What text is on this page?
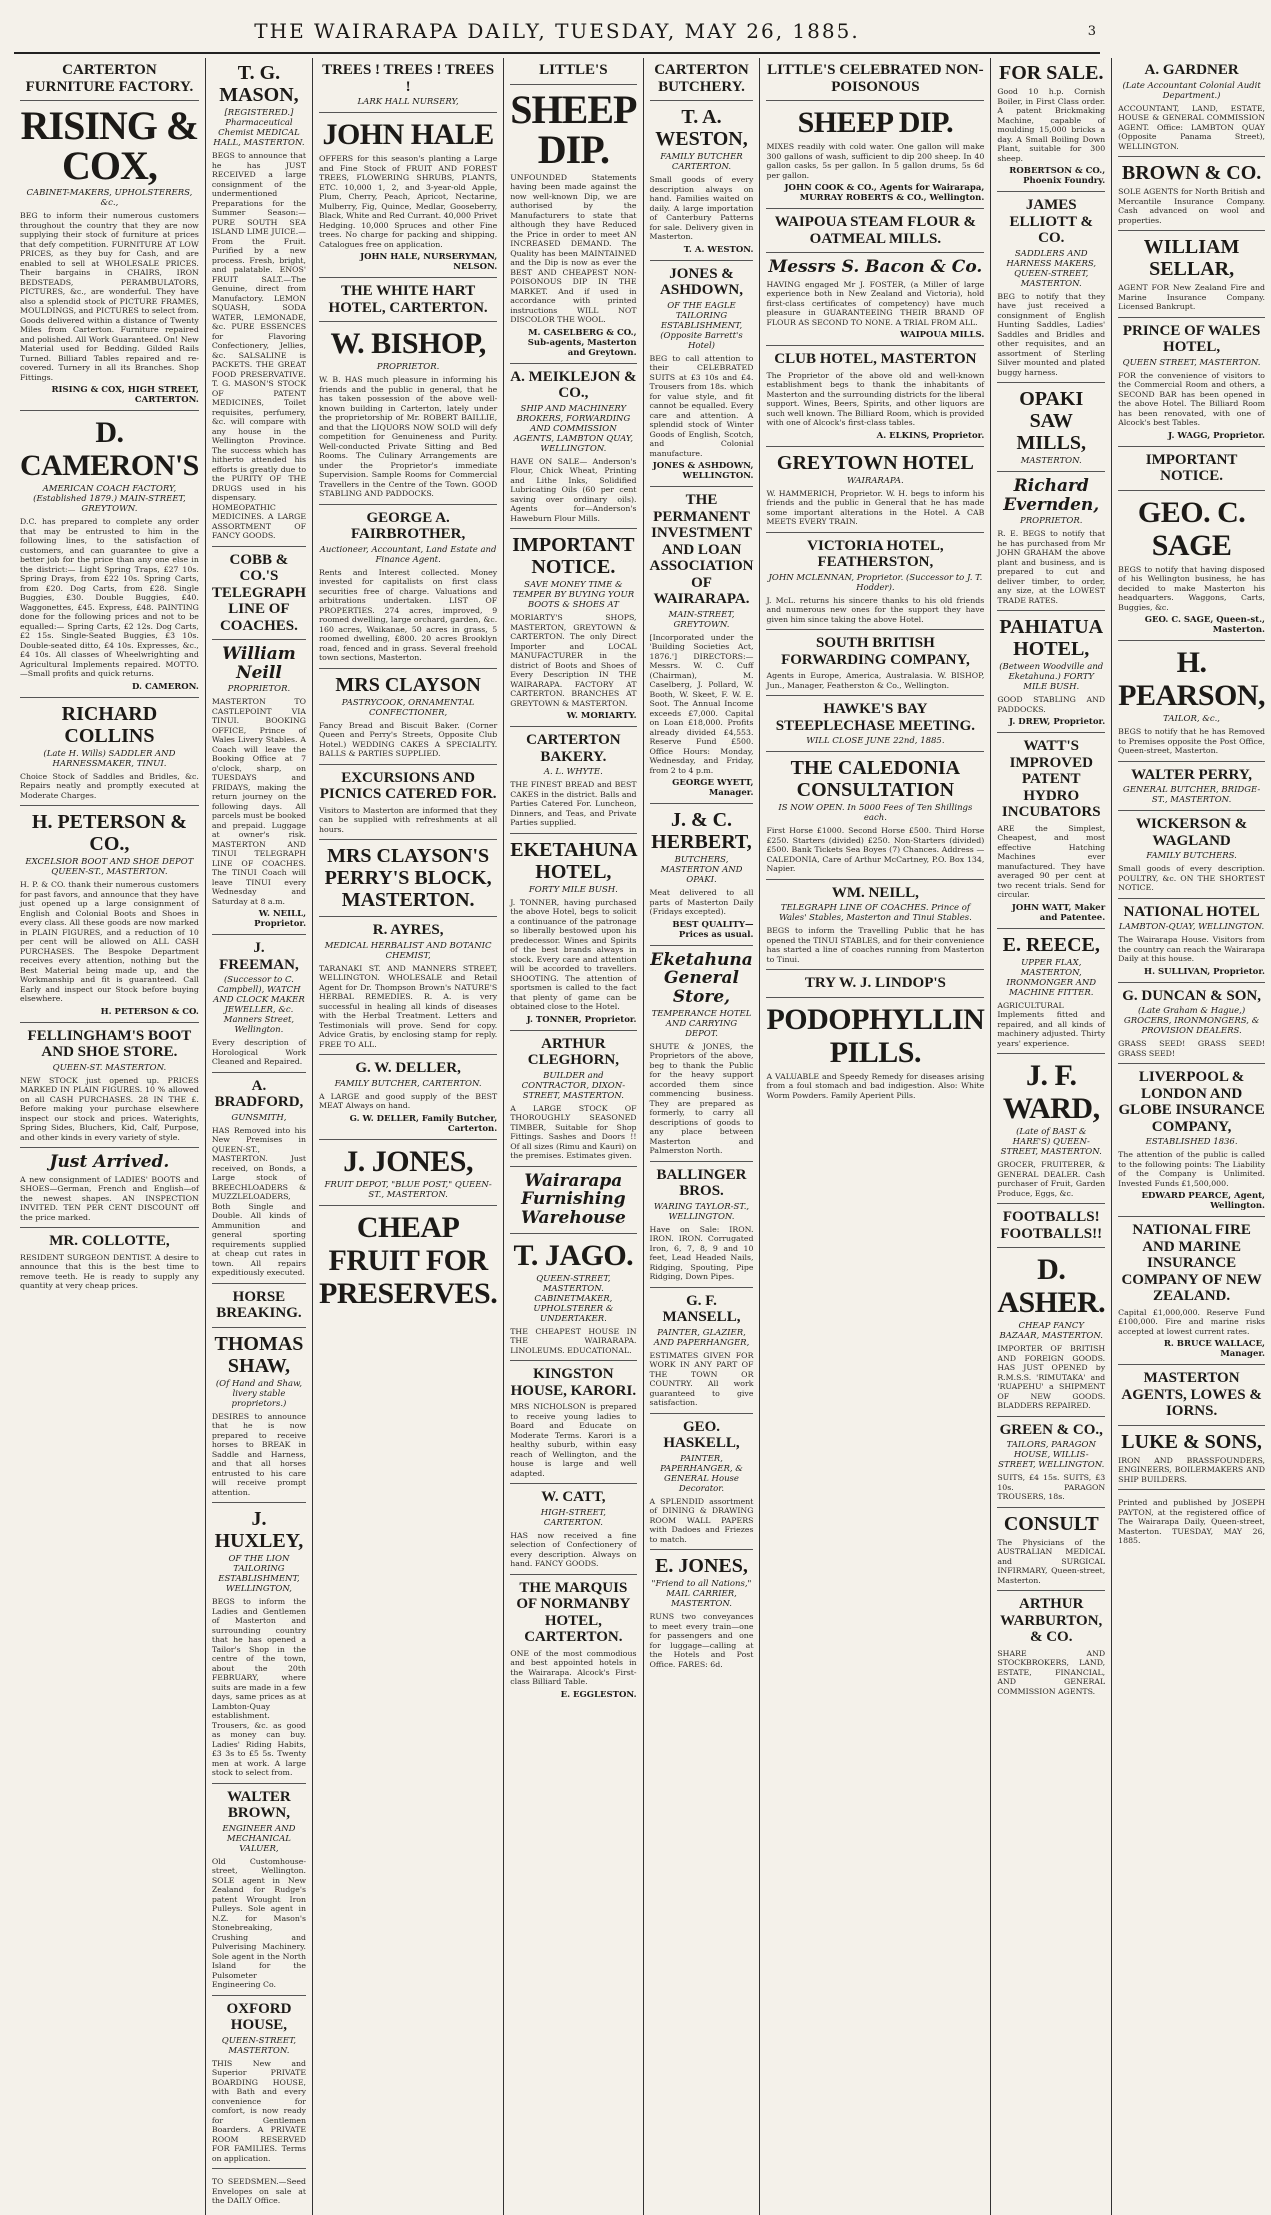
THE WAIRARAPA DAILY, TUESDAY, MAY 26, 1885.	3
CARTERTON FURNITURE FACTORY.
RISING & COX,
CABINET-MAKERS, UPHOLSTERERS, &c.,
BEG to inform their numerous customers throughout the country that they are now supplying their stock of furniture at prices that defy competition. FURNITURE AT LOW PRICES, as they buy for Cash, and are enabled to sell at WHOLESALE PRICES. Their bargains in CHAIRS, IRON BEDSTEADS, PERAMBULATORS, PICTURES, &c., are wonderful. They have also a splendid stock of PICTURE FRAMES, MOULDINGS, and PICTURES to select from. Goods delivered within a distance of Twenty Miles from Carterton. Furniture repaired and polished. All Work Guaranteed. On! New Material used for Bedding. Gilded Rails Turned. Billiard Tables repaired and re-covered. Turnery in all its Branches. Shop Fittings.
RISING & COX, HIGH STREET, CARTERTON.
D. CAMERON'S
AMERICAN COACH FACTORY, (Established 1879.) MAIN-STREET, GREYTOWN.
D.C. has prepared to complete any order that may be entrusted to him in the following lines, to the satisfaction of customers, and can guarantee to give a better job for the price than any one else in the district:— Light Spring Traps, £27 10s. Spring Drays, from £22 10s. Spring Carts, from £20. Dog Carts, from £28. Single Buggies, £30. Double Buggies, £40. Waggonettes, £45. Express, £48. PAINTING done for the following prices and not to be equalled:— Spring Carts, £2 12s. Dog Carts, £2 15s. Single-Seated Buggies, £3 10s. Double-seated ditto, £4 10s. Expresses, &c., £4 10s. All classes of Wheelwrighting and Agricultural Implements repaired. MOTTO.—Small profits and quick returns.
D. CAMERON.
RICHARD COLLINS
(Late H. Wills) SADDLER AND HARNESSMAKER, TINUI.
Choice Stock of Saddles and Bridles, &c. Repairs neatly and promptly executed at Moderate Charges.
H. PETERSON & CO.,
EXCELSIOR BOOT AND SHOE DEPOT QUEEN-ST., MASTERTON.
H. P. & CO. thank their numerous customers for past favors, and announce that they have just opened up a large consignment of English and Colonial Boots and Shoes in every class. All these goods are now marked in PLAIN FIGURES, and a reduction of 10 per cent will be allowed on ALL CASH PURCHASES. The Bespoke Department receives every attention, nothing but the Best Material being made up, and the Workmanship and fit is guaranteed. Call Early and inspect our Stock before buying elsewhere.
H. PETERSON & CO.
FELLINGHAM'S BOOT AND SHOE STORE.
QUEEN-ST. MASTERTON.
NEW STOCK just opened up. PRICES MARKED IN PLAIN FIGURES. 10 % allowed on all CASH PURCHASES. 28 IN THE £. Before making your purchase elsewhere inspect our stock and prices. Waterights, Spring Sides, Bluchers, Kid, Calf, Purpose, and other kinds in every variety of style.
Just Arrived.
A new consignment of LADIES' BOOTS and SHOES—German, French and English—of the newest shapes. AN INSPECTION INVITED. TEN PER CENT DISCOUNT off the price marked.
MR. COLLOTTE,
RESIDENT SURGEON DENTIST. A desire to announce that this is the best time to remove teeth. He is ready to supply any quantity at very cheap prices.
T. G. MASON,
[REGISTERED.] Pharmaceutical Chemist MEDICAL HALL, MASTERTON.
BEGS to announce that he has JUST RECEIVED a large consignment of the undermentioned Preparations for the Summer Season:— PURE SOUTH SEA ISLAND LIME JUICE.—From the Fruit. Purified by a new process. Fresh, bright, and palatable. ENOS' FRUIT SALT.—The Genuine, direct from Manufactory. LEMON SQUASH, SODA WATER, LEMONADE, &c. PURE ESSENCES for Flavoring Confectionery, Jellies, &c. SALSALINE is PACKETS. THE GREAT FOOD PRESERVATIVE. T. G. MASON'S STOCK OF PATENT MEDICINES, Toilet requisites, perfumery, &c. will compare with any house in the Wellington Province. The success which has hitherto attended his efforts is greatly due to the PURITY OF THE DRUGS used in his dispensary. HOMEOPATHIC MEDICINES. A LARGE ASSORTMENT OF FANCY GOODS.
COBB & CO.'S TELEGRAPH LINE OF COACHES.
William Neill
PROPRIETOR.
MASTERTON TO CASTLEPOINT VIA TINUI. BOOKING OFFICE, Prince of Wales Livery Stables. A Coach will leave the Booking Office at 7 o'clock, sharp, on TUESDAYS and FRIDAYS, making the return journey on the following days. All parcels must be booked and prepaid. Luggage at owner's risk. MASTERTON AND TINUI TELEGRAPH LINE OF COACHES. The TINUI Coach will leave TINUI every Wednesday and Saturday at 8 a.m.
W. NEILL, Proprietor.
J. FREEMAN,
(Successor to C. Campbell), WATCH AND CLOCK MAKER JEWELLER, &c. Manners Street, Wellington.
Every description of Horological Work Cleaned and Repaired.
A. BRADFORD,
GUNSMITH,
HAS Removed into his New Premises in QUEEN-ST., MASTERTON. Just received, on Bonds, a Large stock of BREECHLOADERS & MUZZLELOADERS, Both Single and Double. All kinds of Ammunition and general sporting requirements supplied at cheap cut rates in town. All repairs expeditiously executed.
HORSE BREAKING.
THOMAS SHAW,
(Of Hand and Shaw, livery stable proprietors.)
DESIRES to announce that he is now prepared to receive horses to BREAK in Saddle and Harness, and that all horses entrusted to his care will receive prompt attention.
J. HUXLEY,
OF THE LION TAILORING ESTABLISHMENT, WELLINGTON,
BEGS to inform the Ladies and Gentlemen of Masterton and surrounding country that he has opened a Tailor's Shop in the centre of the town, about the 20th FEBRUARY, where suits are made in a few days, same prices as at Lambton-Quay establishment. Trousers, &c. as good as money can buy. Ladies' Riding Habits, £3 3s to £5 5s. Twenty men at work. A large stock to select from.
WALTER BROWN,
ENGINEER AND MECHANICAL VALUER,
Old Customhouse-street, Wellington. SOLE agent in New Zealand for Rudge's patent Wrought Iron Pulleys. Sole agent in N.Z. for Mason's Stonebreaking, Crushing and Pulverising Machinery. Sole agent in the North Island for the Pulsometer Engineering Co.
OXFORD HOUSE,
QUEEN-STREET, MASTERTON.
THIS New and Superior PRIVATE BOARDING HOUSE, with Bath and every convenience for comfort, is now ready for Gentlemen Boarders. A PRIVATE ROOM RESERVED FOR FAMILIES. Terms on application.
TO SEEDSMEN.—Seed Envelopes on sale at the DAILY Office.
TREES ! TREES ! TREES !
LARK HALL NURSERY,
JOHN HALE
OFFERS for this season's planting a Large and Fine Stock of FRUIT AND FOREST TREES, FLOWERING SHRUBS, PLANTS, ETC. 10,000 1, 2, and 3-year-old Apple, Plum, Cherry, Peach, Apricot, Nectarine, Mulberry, Fig, Quince, Medlar, Gooseberry, Black, White and Red Currant. 40,000 Privet Hedging. 10,000 Spruces and other Fine trees. No charge for packing and shipping. Catalogues free on application.
JOHN HALE, NURSERYMAN, NELSON.
THE WHITE HART HOTEL, CARTERTON.
W. BISHOP,
PROPRIETOR.
W. B. HAS much pleasure in informing his friends and the public in general, that he has taken possession of the above well-known building in Carterton, lately under the proprietorship of Mr. ROBERT BAILLIE, and that the LIQUORS NOW SOLD will defy competition for Genuineness and Purity. Well-conducted Private Sitting and Bed Rooms. The Culinary Arrangements are under the Proprietor's immediate Supervision. Sample Rooms for Commercial Travellers in the Centre of the Town. GOOD STABLING AND PADDOCKS.
GEORGE A. FAIRBROTHER,
Auctioneer, Accountant, Land Estate and Finance Agent.
Rents and Interest collected. Money invested for capitalists on first class securities free of charge. Valuations and arbitrations undertaken. LIST OF PROPERTIES. 274 acres, improved, 9 roomed dwelling, large orchard, garden, &c. 160 acres, Waikanae, 50 acres in grass, 5 roomed dwelling, £800. 20 acres Brooklyn road, fenced and in grass. Several freehold town sections, Masterton.
MRS CLAYSON
PASTRYCOOK, ORNAMENTAL CONFECTIONER,
Fancy Bread and Biscuit Baker. (Corner Queen and Perry's Streets, Opposite Club Hotel.) WEDDING CAKES A SPECIALITY. BALLS & PARTIES SUPPLIED.
EXCURSIONS AND PICNICS CATERED FOR.
Visitors to Masterton are informed that they can be supplied with refreshments at all hours.
MRS CLAYSON'S PERRY'S BLOCK, MASTERTON.
R. AYRES,
MEDICAL HERBALIST AND BOTANIC CHEMIST,
TARANAKI ST. AND MANNERS STREET, WELLINGTON. WHOLESALE and Retail Agent for Dr. Thompson Brown's NATURE'S HERBAL REMEDIES. R. A. is very successful in healing all kinds of diseases with the Herbal Treatment. Letters and Testimonials will prove. Send for copy. Advice Gratis, by enclosing stamp for reply. FREE TO ALL.
G. W. DELLER,
FAMILY BUTCHER, CARTERTON.
A LARGE and good supply of the BEST MEAT Always on hand.
G. W. DELLER, Family Butcher, Carterton.
J. JONES,
FRUIT DEPOT, "BLUE POST," QUEEN-ST., MASTERTON.
CHEAP FRUIT FOR PRESERVES.
LITTLE'S
SHEEP DIP.
UNFOUNDED Statements having been made against the now well-known Dip, we are authorised by the Manufacturers to state that although they have Reduced the Price in order to meet AN INCREASED DEMAND. The Quality has been MAINTAINED and the Dip is now as ever the BEST AND CHEAPEST NON-POISONOUS DIP IN THE MARKET. And if used in accordance with printed instructions WILL NOT DISCOLOR THE WOOL.
M. CASELBERG & CO., Sub-agents, Masterton and Greytown.
A. MEIKLEJON & CO.,
SHIP AND MACHINERY BROKERS, FORWARDING AND COMMISSION AGENTS, LAMBTON QUAY, WELLINGTON.
HAVE ON SALE— Anderson's Flour, Chick Wheat, Printing and Lithe Inks, Solidified Lubricating Oils (60 per cent saving over ordinary oils). Agents for—Anderson's Haweburn Flour Mills.
IMPORTANT NOTICE.
SAVE MONEY TIME & TEMPER BY BUYING YOUR BOOTS & SHOES AT
MORIARTY'S SHOPS, MASTERTON, GREYTOWN & CARTERTON. The only Direct Importer and LOCAL MANUFACTURER in the district of Boots and Shoes of Every Description IN THE WAIRARAPA. FACTORY AT CARTERTON. BRANCHES AT GREYTOWN & MASTERTON.
W. MORIARTY.
CARTERTON BAKERY.
A. L. WHYTE.
THE FINEST BREAD and BEST CAKES in the district. Balls and Parties Catered For. Luncheon, Dinners, and Teas, and Private Parties supplied.
EKETAHUNA HOTEL,
FORTY MILE BUSH.
J. TONNER, having purchased the above Hotel, begs to solicit a continuance of the patronage so liberally bestowed upon his predecessor. Wines and Spirits of the best brands always in stock. Every care and attention will be accorded to travellers. SHOOTING. The attention of sportsmen is called to the fact that plenty of game can be obtained close to the Hotel.
J. TONNER, Proprietor.
ARTHUR CLEGHORN,
BUILDER and CONTRACTOR, DIXON-STREET, MASTERTON.
A LARGE STOCK OF THOROUGHLY SEASONED TIMBER, Suitable for Shop Fittings. Sashes and Doors !! Of all sizes (Rimu and Kauri) on the premises. Estimates given.
Wairarapa Furnishing Warehouse
T. JAGO.
QUEEN-STREET, MASTERTON. CABINETMAKER, UPHOLSTERER & UNDERTAKER.
THE CHEAPEST HOUSE IN THE WAIRARAPA. LINOLEUMS. EDUCATIONAL.
KINGSTON HOUSE, KARORI.
MRS NICHOLSON is prepared to receive young ladies to Board and Educate on Moderate Terms. Karori is a healthy suburb, within easy reach of Wellington, and the house is large and well adapted.
W. CATT,
HIGH-STREET, CARTERTON.
HAS now received a fine selection of Confectionery of every description. Always on hand. FANCY GOODS.
THE MARQUIS OF NORMANBY HOTEL, CARTERTON.
ONE of the most commodious and best appointed hotels in the Wairarapa. Alcock's First-class Billiard Table.
E. EGGLESTON.
CARTERTON BUTCHERY.
T. A. WESTON,
FAMILY BUTCHER CARTERTON.
Small goods of every description always on hand. Families waited on daily. A large importation of Canterbury Patterns for sale. Delivery given in Masterton.
T. A. WESTON.
JONES & ASHDOWN,
OF THE EAGLE TAILORING ESTABLISHMENT, (Opposite Barrett's Hotel)
BEG to call attention to their CELEBRATED SUITS at £3 10s and £4. Trousers from 18s. which for value style, and fit cannot be equalled. Every care and attention. A splendid stock of Winter Goods of English, Scotch, and Colonial manufacture.
JONES & ASHDOWN, WELLINGTON.
THE PERMANENT INVESTMENT AND LOAN ASSOCIATION OF WAIRARAPA.
MAIN-STREET, GREYTOWN.
[Incorporated under the 'Building Societies Act, 1876.'] DIRECTORS:—Messrs. W. C. Cuff (Chairman), M. Caselberg, J. Pollard, W. Booth, W. Skeet, F. W. E. Soot. The Annual Income exceeds £7,000. Capital on Loan £18,000. Profits already divided £4,553. Reserve Fund £500. Office Hours: Monday, Wednesday, and Friday, from 2 to 4 p.m.
GEORGE WYETT, Manager.
J. & C. HERBERT,
BUTCHERS, MASTERTON AND OPAKI.
Meat delivered to all parts of Masterton Daily (Fridays excepted).
BEST QUALITY—Prices as usual.
Eketahuna General Store,
TEMPERANCE HOTEL AND CARRYING DEPOT.
SHUTE & JONES, the Proprietors of the above, beg to thank the Public for the heavy support accorded them since commencing business. They are prepared as formerly, to carry all descriptions of goods to any place between Masterton and Palmerston North.
BALLINGER BROS.
WARING TAYLOR-ST., WELLINGTON.
Have on Sale: IRON. IRON. IRON. Corrugated Iron, 6, 7, 8, 9 and 10 feet, Lead Headed Nails, Ridging, Spouting, Pipe Ridging, Down Pipes.
G. F. MANSELL,
PAINTER, GLAZIER, AND PAPERHANGER,
ESTIMATES GIVEN FOR WORK IN ANY PART OF THE TOWN OR COUNTRY. All work guaranteed to give satisfaction.
GEO. HASKELL,
PAINTER, PAPERHANGER, & GENERAL House Decorator.
A SPLENDID assortment of DINING & DRAWING ROOM WALL PAPERS with Dadoes and Friezes to match.
E. JONES,
"Friend to all Nations," MAIL CARRIER, MASTERTON.
RUNS two conveyances to meet every train—one for passengers and one for luggage—calling at the Hotels and Post Office. FARES: 6d.
LITTLE'S CELEBRATED NON-POISONOUS
SHEEP DIP.
MIXES readily with cold water. One gallon will make 300 gallons of wash, sufficient to dip 200 sheep. In 40 gallon casks, 5s per gallon. In 5 gallon drums, 5s 6d per gallon.
JOHN COOK & CO., Agents for Wairarapa, MURRAY ROBERTS & CO., Wellington.
WAIPOUA STEAM FLOUR & OATMEAL MILLS.
Messrs S. Bacon & Co.
HAVING engaged Mr J. FOSTER, (a Miller of large experience both in New Zealand and Victoria), hold first-class certificates of competency) have much pleasure in GUARANTEEING THEIR BRAND OF FLOUR AS SECOND TO NONE. A TRIAL FROM ALL.
WAIPOUA MILLS.
CLUB HOTEL, MASTERTON
The Proprietor of the above old and well-known establishment begs to thank the inhabitants of Masterton and the surrounding districts for the liberal support. Wines, Beers, Spirits, and other liquors are such well known. The Billiard Room, which is provided with one of Alcock's first-class tables.
A. ELKINS, Proprietor.
GREYTOWN HOTEL
WAIRARAPA.
W. HAMMERICH, Proprietor. W. H. begs to inform his friends and the public in General that he has made some important alterations in the Hotel. A CAB MEETS EVERY TRAIN.
VICTORIA HOTEL, FEATHERSTON,
JOHN MCLENNAN, Proprietor. (Successor to J. T. Hodder).
J. McL. returns his sincere thanks to his old friends and numerous new ones for the support they have given him since taking the above Hotel.
SOUTH BRITISH FORWARDING COMPANY,
Agents in Europe, America, Australasia. W. BISHOP, Jun., Manager, Featherston & Co., Wellington.
HAWKE'S BAY STEEPLECHASE MEETING.
WILL CLOSE JUNE 22nd, 1885.
THE CALEDONIA CONSULTATION
IS NOW OPEN. In 5000 Fees of Ten Shillings each.
First Horse £1000. Second Horse £500. Third Horse £250. Starters (divided) £250. Non-Starters (divided) £500. Bank Tickets Sea Boyes (7) Chances. Address — CALEDONIA, Care of Arthur McCartney, P.O. Box 134, Napier.
WM. NEILL,
TELEGRAPH LINE OF COACHES. Prince of Wales' Stables, Masterton and Tinui Stables.
BEGS to inform the Travelling Public that he has opened the TINUI STABLES, and for their convenience has started a line of coaches running from Masterton to Tinui.
TRY W. J. LINDOP'S
PODOPHYLLIN PILLS.
A VALUABLE and Speedy Remedy for diseases arising from a foul stomach and bad indigestion. Also: White Worm Powders. Family Aperient Pills.
FOR SALE.
Good 10 h.p. Cornish Boiler, in First Class order. A patent Brickmaking Machine, capable of moulding 15,000 bricks a day. A Small Boiling Down Plant, suitable for 300 sheep.
ROBERTSON & CO., Phoenix Foundry.
JAMES ELLIOTT & CO.
SADDLERS AND HARNESS MAKERS, QUEEN-STREET, MASTERTON.
BEG to notify that they have just received a consignment of English Hunting Saddles, Ladies' Saddles and Bridles and other requisites, and an assortment of Sterling Silver mounted and plated buggy harness.
OPAKI SAW MILLS,
MASTERTON.
Richard Evernden,
PROPRIETOR.
R. E. BEGS to notify that he has purchased from Mr JOHN GRAHAM the above plant and business, and is prepared to cut and deliver timber, to order, any size, at the LOWEST TRADE RATES.
PAHIATUA HOTEL,
(Between Woodville and Eketahuna.) FORTY MILE BUSH.
GOOD STABLING AND PADDOCKS.
J. DREW, Proprietor.
WATT'S IMPROVED PATENT HYDRO INCUBATORS
ARE the Simplest, Cheapest, and most effective Hatching Machines ever manufactured. They have averaged 90 per cent at two recent trials. Send for circular.
JOHN WATT, Maker and Patentee.
E. REECE,
UPPER FLAX, MASTERTON, IRONMONGER AND MACHINE FITTER.
AGRICULTURAL Implements fitted and repaired, and all kinds of machinery adjusted. Thirty years' experience.
J. F. WARD,
(Late of BAST & HARE'S) QUEEN-STREET, MASTERTON.
GROCER, FRUITERER, & GENERAL DEALER. Cash purchaser of Fruit, Garden Produce, Eggs, &c.
FOOTBALLS! FOOTBALLS!!
D. ASHER.
CHEAP FANCY BAZAAR, MASTERTON.
IMPORTER OF BRITISH AND FOREIGN GOODS. HAS JUST OPENED by R.M.S.S. 'RIMUTAKA' and 'RUAPEHU' a SHIPMENT OF NEW GOODS. BLADDERS REPAIRED.
GREEN & CO.,
TAILORS, PARAGON HOUSE, WILLIS-STREET, WELLINGTON.
SUITS, £4 15s. SUITS, £3 10s. PARAGON TROUSERS, 18s.
CONSULT
The Physicians of the AUSTRALIAN MEDICAL and SURGICAL INFIRMARY, Queen-street, Masterton.
ARTHUR WARBURTON, & CO.
SHARE AND STOCKBROKERS, LAND, ESTATE, FINANCIAL, AND GENERAL COMMISSION AGENTS.
A. GARDNER
(Late Accountant Colonial Audit Department.)
ACCOUNTANT, LAND, ESTATE, HOUSE & GENERAL COMMISSION AGENT. Office: LAMBTON QUAY (Opposite Panama Street), WELLINGTON.
BROWN & CO.
SOLE AGENTS for North British and Mercantile Insurance Company. Cash advanced on wool and properties.
WILLIAM SELLAR,
AGENT FOR New Zealand Fire and Marine Insurance Company. Licensed Bankrupt.
PRINCE OF WALES HOTEL,
QUEEN STREET, MASTERTON.
FOR the convenience of visitors to the Commercial Room and others, a SECOND BAR has been opened in the above Hotel. The Billiard Room has been renovated, with one of Alcock's best Tables.
J. WAGG, Proprietor.
IMPORTANT NOTICE.
GEO. C. SAGE
BEGS to notify that having disposed of his Wellington business, he has decided to make Masterton his headquarters. Waggons, Carts, Buggies, &c.
GEO. C. SAGE, Queen-st., Masterton.
H. PEARSON,
TAILOR, &c.,
BEGS to notify that he has Removed to Premises opposite the Post Office, Queen-street, Masterton.
WALTER PERRY,
GENERAL BUTCHER, BRIDGE-ST., MASTERTON.
WICKERSON & WAGLAND
FAMILY BUTCHERS.
Small goods of every description. POULTRY, &c. ON THE SHORTEST NOTICE.
NATIONAL HOTEL
LAMBTON-QUAY, WELLINGTON.
The Wairarapa House. Visitors from the country can reach the Wairarapa Daily at this house.
H. SULLIVAN, Proprietor.
G. DUNCAN & SON,
(Late Graham & Hague,) GROCERS, IRONMONGERS, & PROVISION DEALERS.
GRASS SEED! GRASS SEED! GRASS SEED!
LIVERPOOL & LONDON AND GLOBE INSURANCE COMPANY,
ESTABLISHED 1836.
The attention of the public is called to the following points: The Liability of the Company is Unlimited. Invested Funds £1,500,000.
EDWARD PEARCE, Agent, Wellington.
NATIONAL FIRE AND MARINE INSURANCE COMPANY OF NEW ZEALAND.
Capital £1,000,000. Reserve Fund £100,000. Fire and marine risks accepted at lowest current rates.
R. BRUCE WALLACE, Manager.
MASTERTON AGENTS, LOWES & IORNS.
LUKE & SONS,
IRON AND BRASSFOUNDERS, ENGINEERS, BOILERMAKERS AND SHIP BUILDERS.
Printed and published by JOSEPH PAYTON, at the registered office of The Wairarapa Daily, Queen-street, Masterton. TUESDAY, MAY 26, 1885.
